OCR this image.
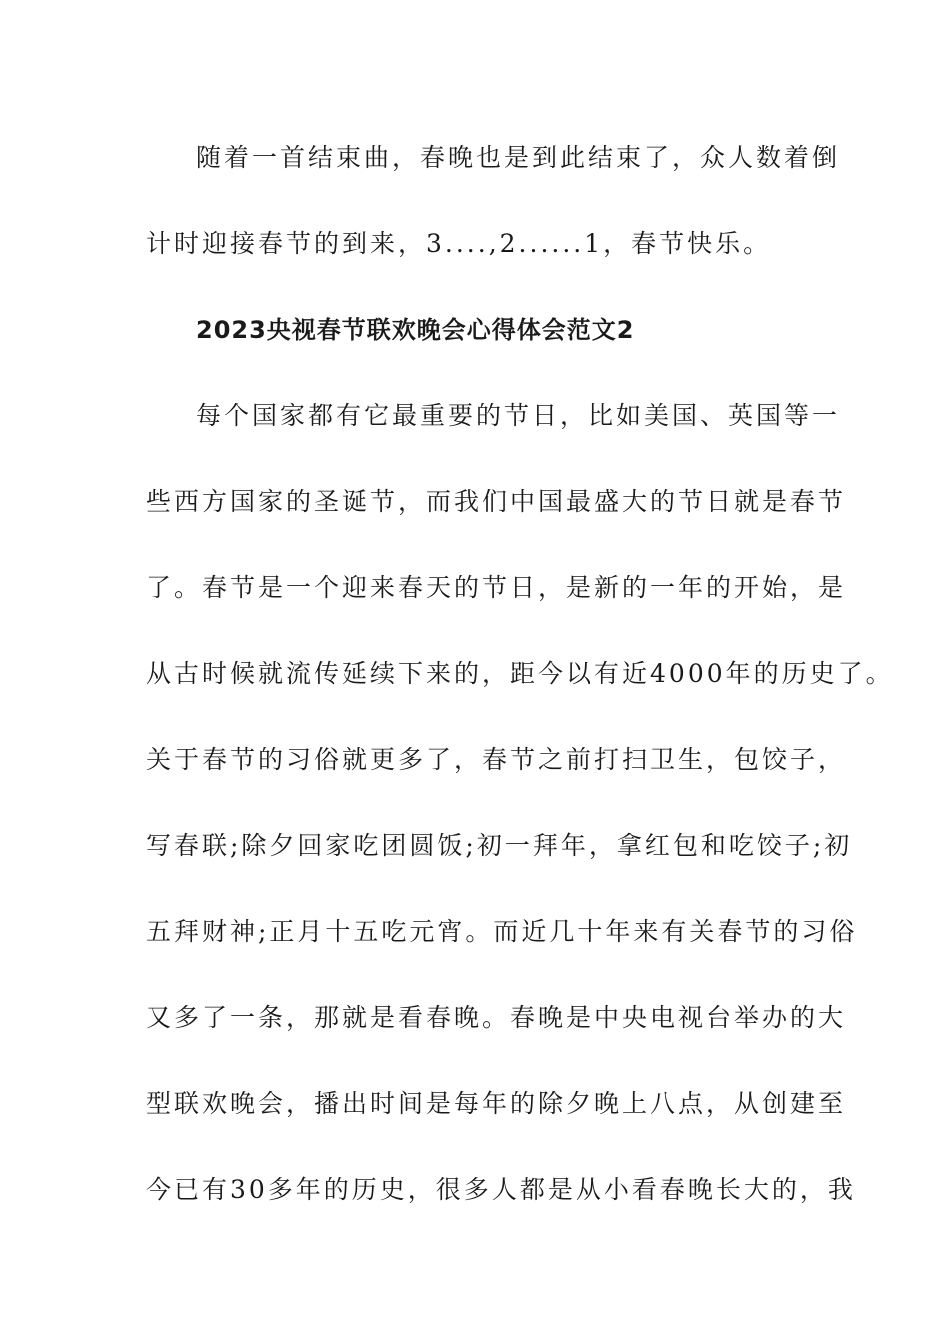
随着一首结束曲，春晚也是到此结束了，众人数着倒
计时迎接春节的到来，3....,2......1，春节快乐。
2023央视春节联欢晚会心得体会范文2
每个国家都有它最重要的节日，比如美国、英国等一
些西方国家的圣诞节，而我们中国最盛大的节日就是春节
了。春节是一个迎来春天的节日，是新的一年的开始，是
从古时候就流传延续下来的，距今以有近4000年的历史了。
关于春节的习俗就更多了，春节之前打扫卫生，包饺子，
写春联;除夕回家吃团圆饭;初一拜年，拿红包和吃饺子;初
五拜财神;正月十五吃元宵。而近几十年来有关春节的习俗
又多了一条，那就是看春晚。春晚是中央电视台举办的大
型联欢晚会，播出时间是每年的除夕晚上八点，从创建至
今已有30多年的历史，很多人都是从小看春晚长大的，我
